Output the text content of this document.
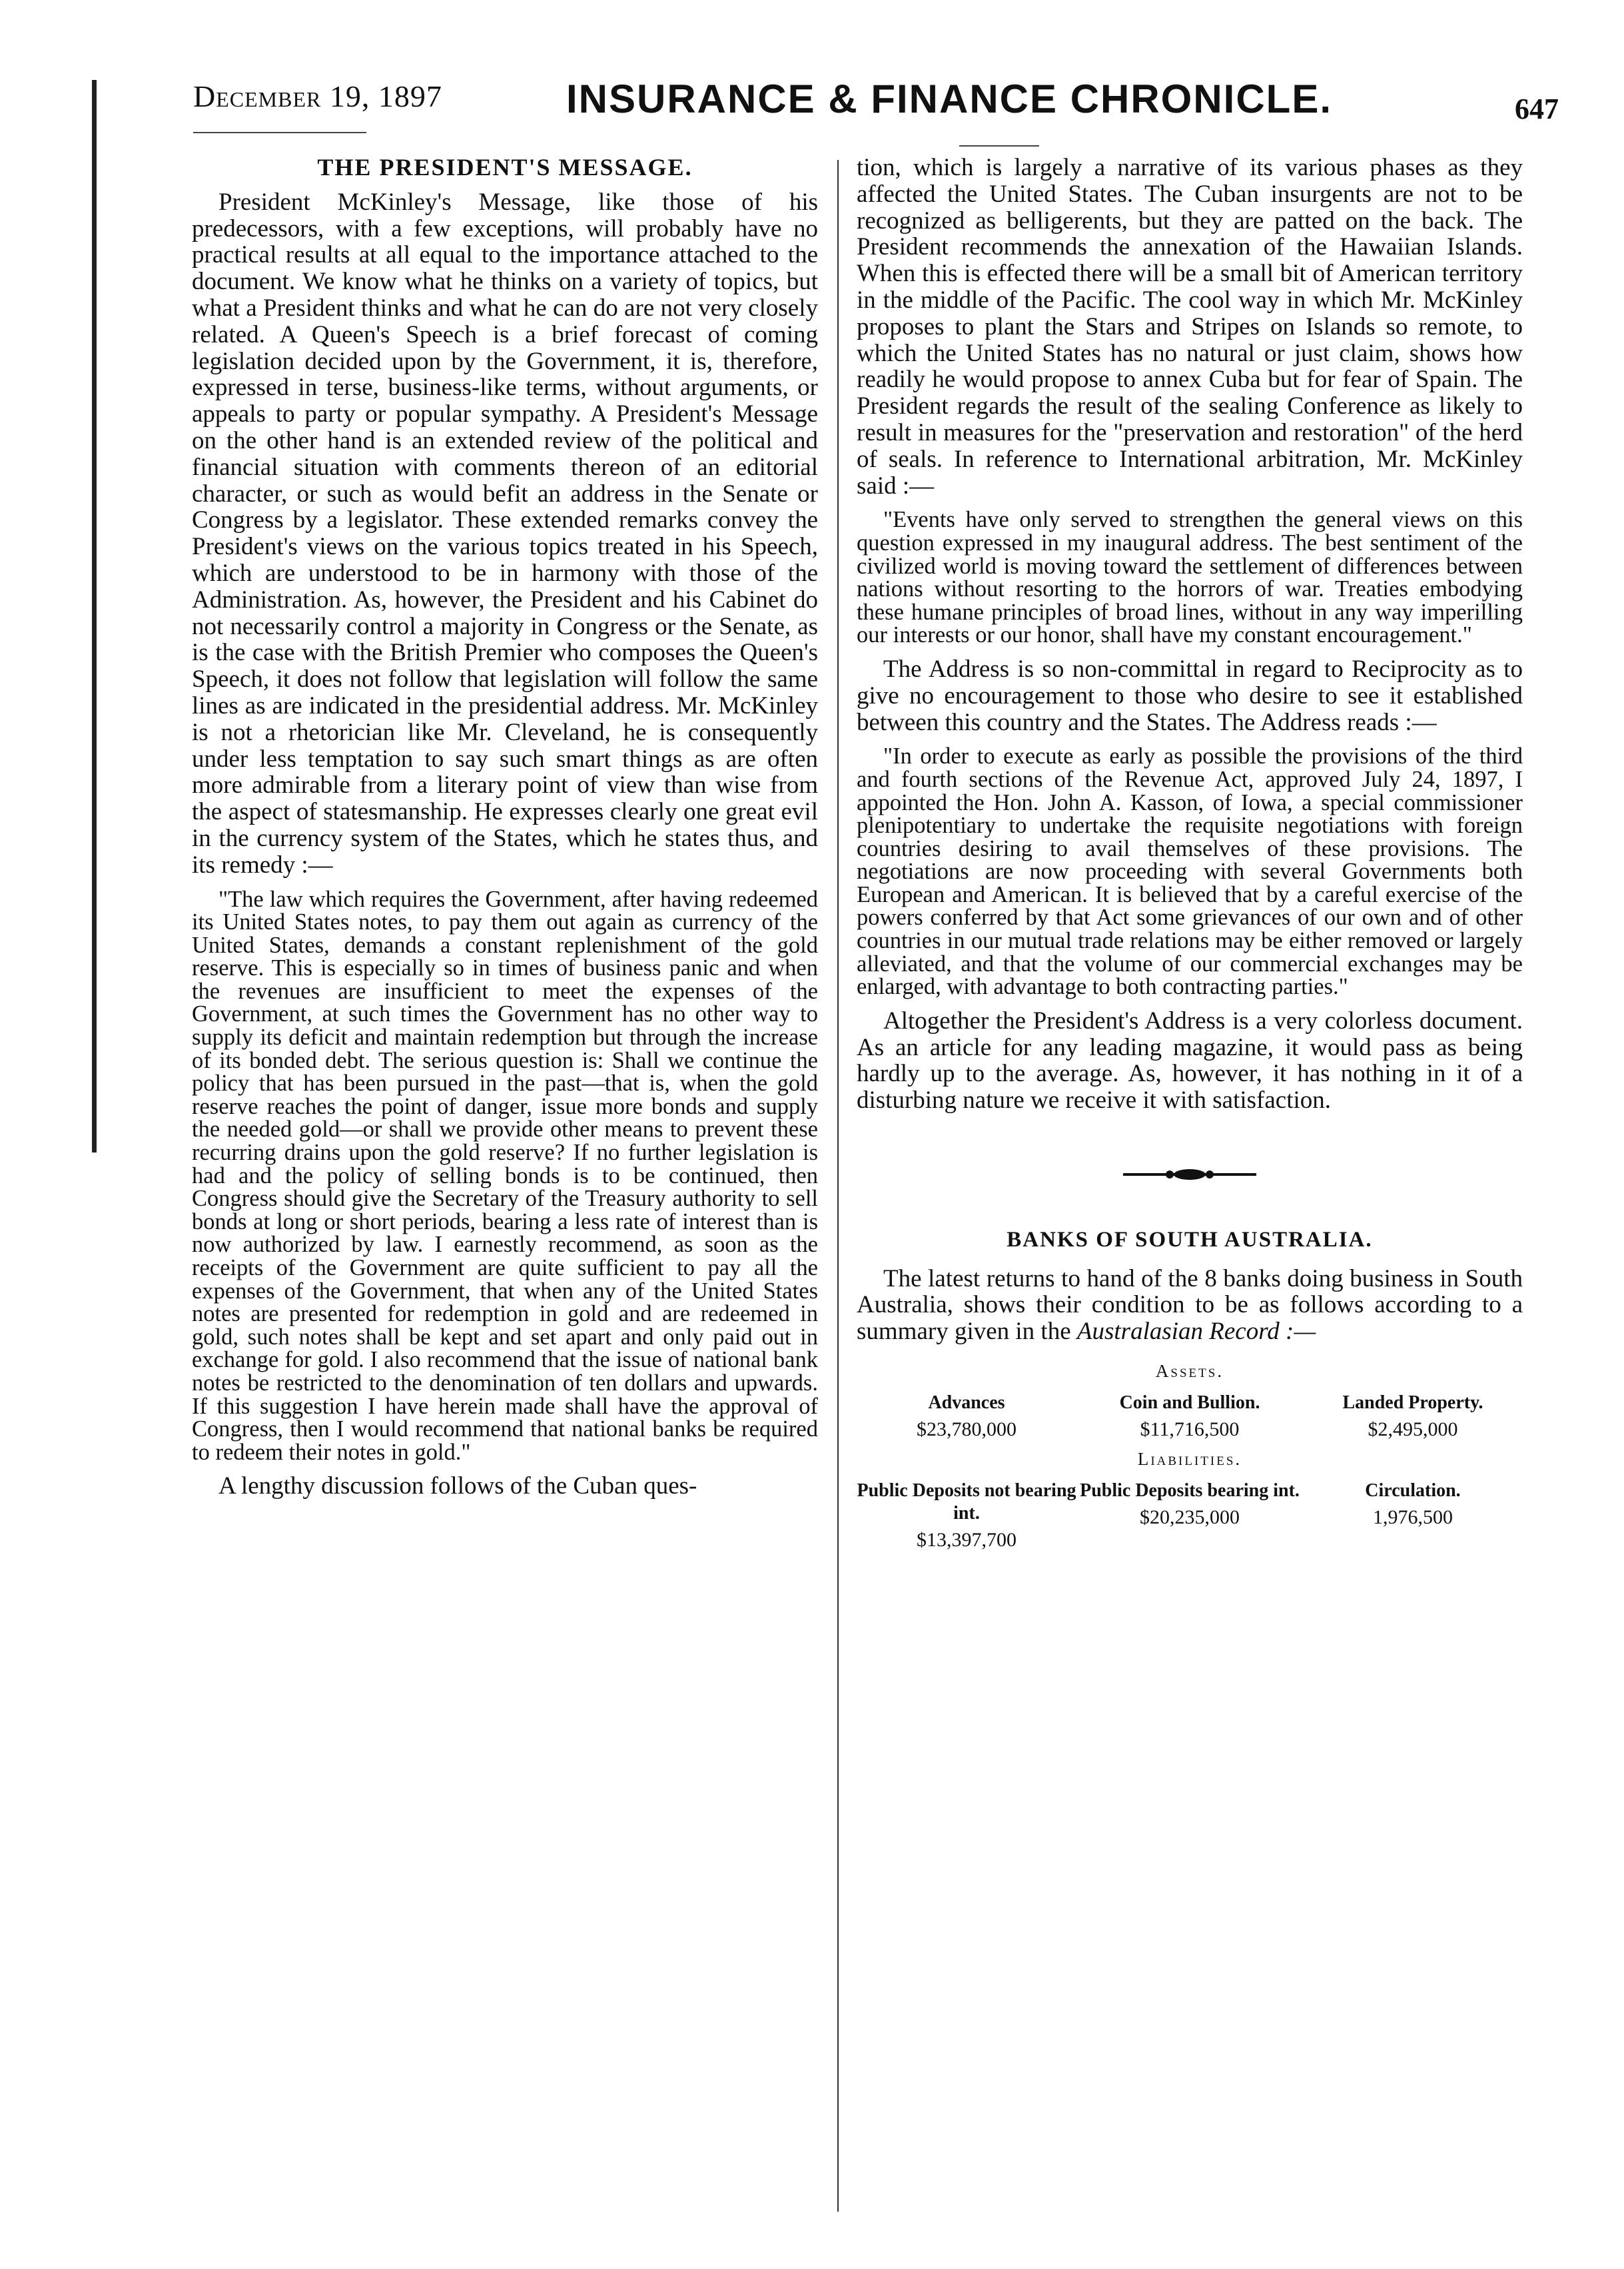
December 19, 1897	INSURANCE & FINANCE CHRONICLE.	647
THE PRESIDENT'S MESSAGE.

President McKinley's Message, like those of his predecessors, with a few exceptions, will probably have no practical results at all equal to the importance attached to the document. We know what he thinks on a variety of topics, but what a President thinks and what he can do are not very closely related. A Queen's Speech is a brief forecast of coming legislation decided upon by the Government, it is, therefore, expressed in terse, business-like terms, without arguments, or appeals to party or popular sympathy. A President's Message on the other hand is an extended review of the political and financial situation with comments thereon of an editorial character, or such as would befit an address in the Senate or Congress by a legislator. These extended remarks convey the President's views on the various topics treated in his Speech, which are understood to be in harmony with those of the Administration. As, however, the President and his Cabinet do not necessarily control a majority in Congress or the Senate, as is the case with the British Premier who composes the Queen's Speech, it does not follow that legislation will follow the same lines as are indicated in the presidential address. Mr. McKinley is not a rhetorician like Mr. Cleveland, he is consequently under less temptation to say such smart things as are often more admirable from a literary point of view than wise from the aspect of statesmanship. He expresses clearly one great evil in the currency system of the States, which he states thus, and its remedy :—

"The law which requires the Government, after having redeemed its United States notes, to pay them out again as currency of the United States, demands a constant replenishment of the gold reserve. This is especially so in times of business panic and when the revenues are insufficient to meet the expenses of the Government, at such times the Government has no other way to supply its deficit and maintain redemption but through the increase of its bonded debt. The serious question is: Shall we continue the policy that has been pursued in the past—that is, when the gold reserve reaches the point of danger, issue more bonds and supply the needed gold—or shall we provide other means to prevent these recurring drains upon the gold reserve? If no further legislation is had and the policy of selling bonds is to be continued, then Congress should give the Secretary of the Treasury authority to sell bonds at long or short periods, bearing a less rate of interest than is now authorized by law. I earnestly recommend, as soon as the receipts of the Government are quite sufficient to pay all the expenses of the Government, that when any of the United States notes are presented for redemption in gold and are redeemed in gold, such notes shall be kept and set apart and only paid out in exchange for gold. I also recommend that the issue of national bank notes be restricted to the denomination of ten dollars and upwards. If this suggestion I have herein made shall have the approval of Congress, then I would recommend that national banks be required to redeem their notes in gold."

A lengthy discussion follows of the Cuban ques-

tion, which is largely a narrative of its various phases as they affected the United States. The Cuban insurgents are not to be recognized as belligerents, but they are patted on the back. The President recommends the annexation of the Hawaiian Islands. When this is effected there will be a small bit of American territory in the middle of the Pacific. The cool way in which Mr. McKinley proposes to plant the Stars and Stripes on Islands so remote, to which the United States has no natural or just claim, shows how readily he would propose to annex Cuba but for fear of Spain. The President regards the result of the sealing Conference as likely to result in measures for the "preservation and restoration" of the herd of seals. In reference to International arbitration, Mr. McKinley said :—

"Events have only served to strengthen the general views on this question expressed in my inaugural address. The best sentiment of the civilized world is moving toward the settlement of differences between nations without resorting to the horrors of war. Treaties embodying these humane principles of broad lines, without in any way imperilling our interests or our honor, shall have my constant encouragement."

The Address is so non-committal in regard to Reciprocity as to give no encouragement to those who desire to see it established between this country and the States. The Address reads :—

"In order to execute as early as possible the provisions of the third and fourth sections of the Revenue Act, approved July 24, 1897, I appointed the Hon. John A. Kasson, of Iowa, a special commissioner plenipotentiary to undertake the requisite negotiations with foreign countries desiring to avail themselves of these provisions. The negotiations are now proceeding with several Governments both European and American. It is believed that by a careful exercise of the powers conferred by that Act some grievances of our own and of other countries in our mutual trade relations may be either removed or largely alleviated, and that the volume of our commercial exchanges may be enlarged, with advantage to both contracting parties."

Altogether the President's Address is a very colorless document. As an article for any leading magazine, it would pass as being hardly up to the average. As, however, it has nothing in it of a disturbing nature we receive it with satisfaction.

BANKS OF SOUTH AUSTRALIA.

The latest returns to hand of the 8 banks doing business in South Australia, shows their condition to be as follows according to a summary given in the Australasian Record :—

Assets.
Advances
$23,780,000
Coin and Bullion.
$11,716,500
Landed Property.
$2,495,000
Liabilities.
Public Deposits not bearing int.
$13,397,700
Public Deposits bearing int.
$20,235,000
Circulation.
1,976,500
